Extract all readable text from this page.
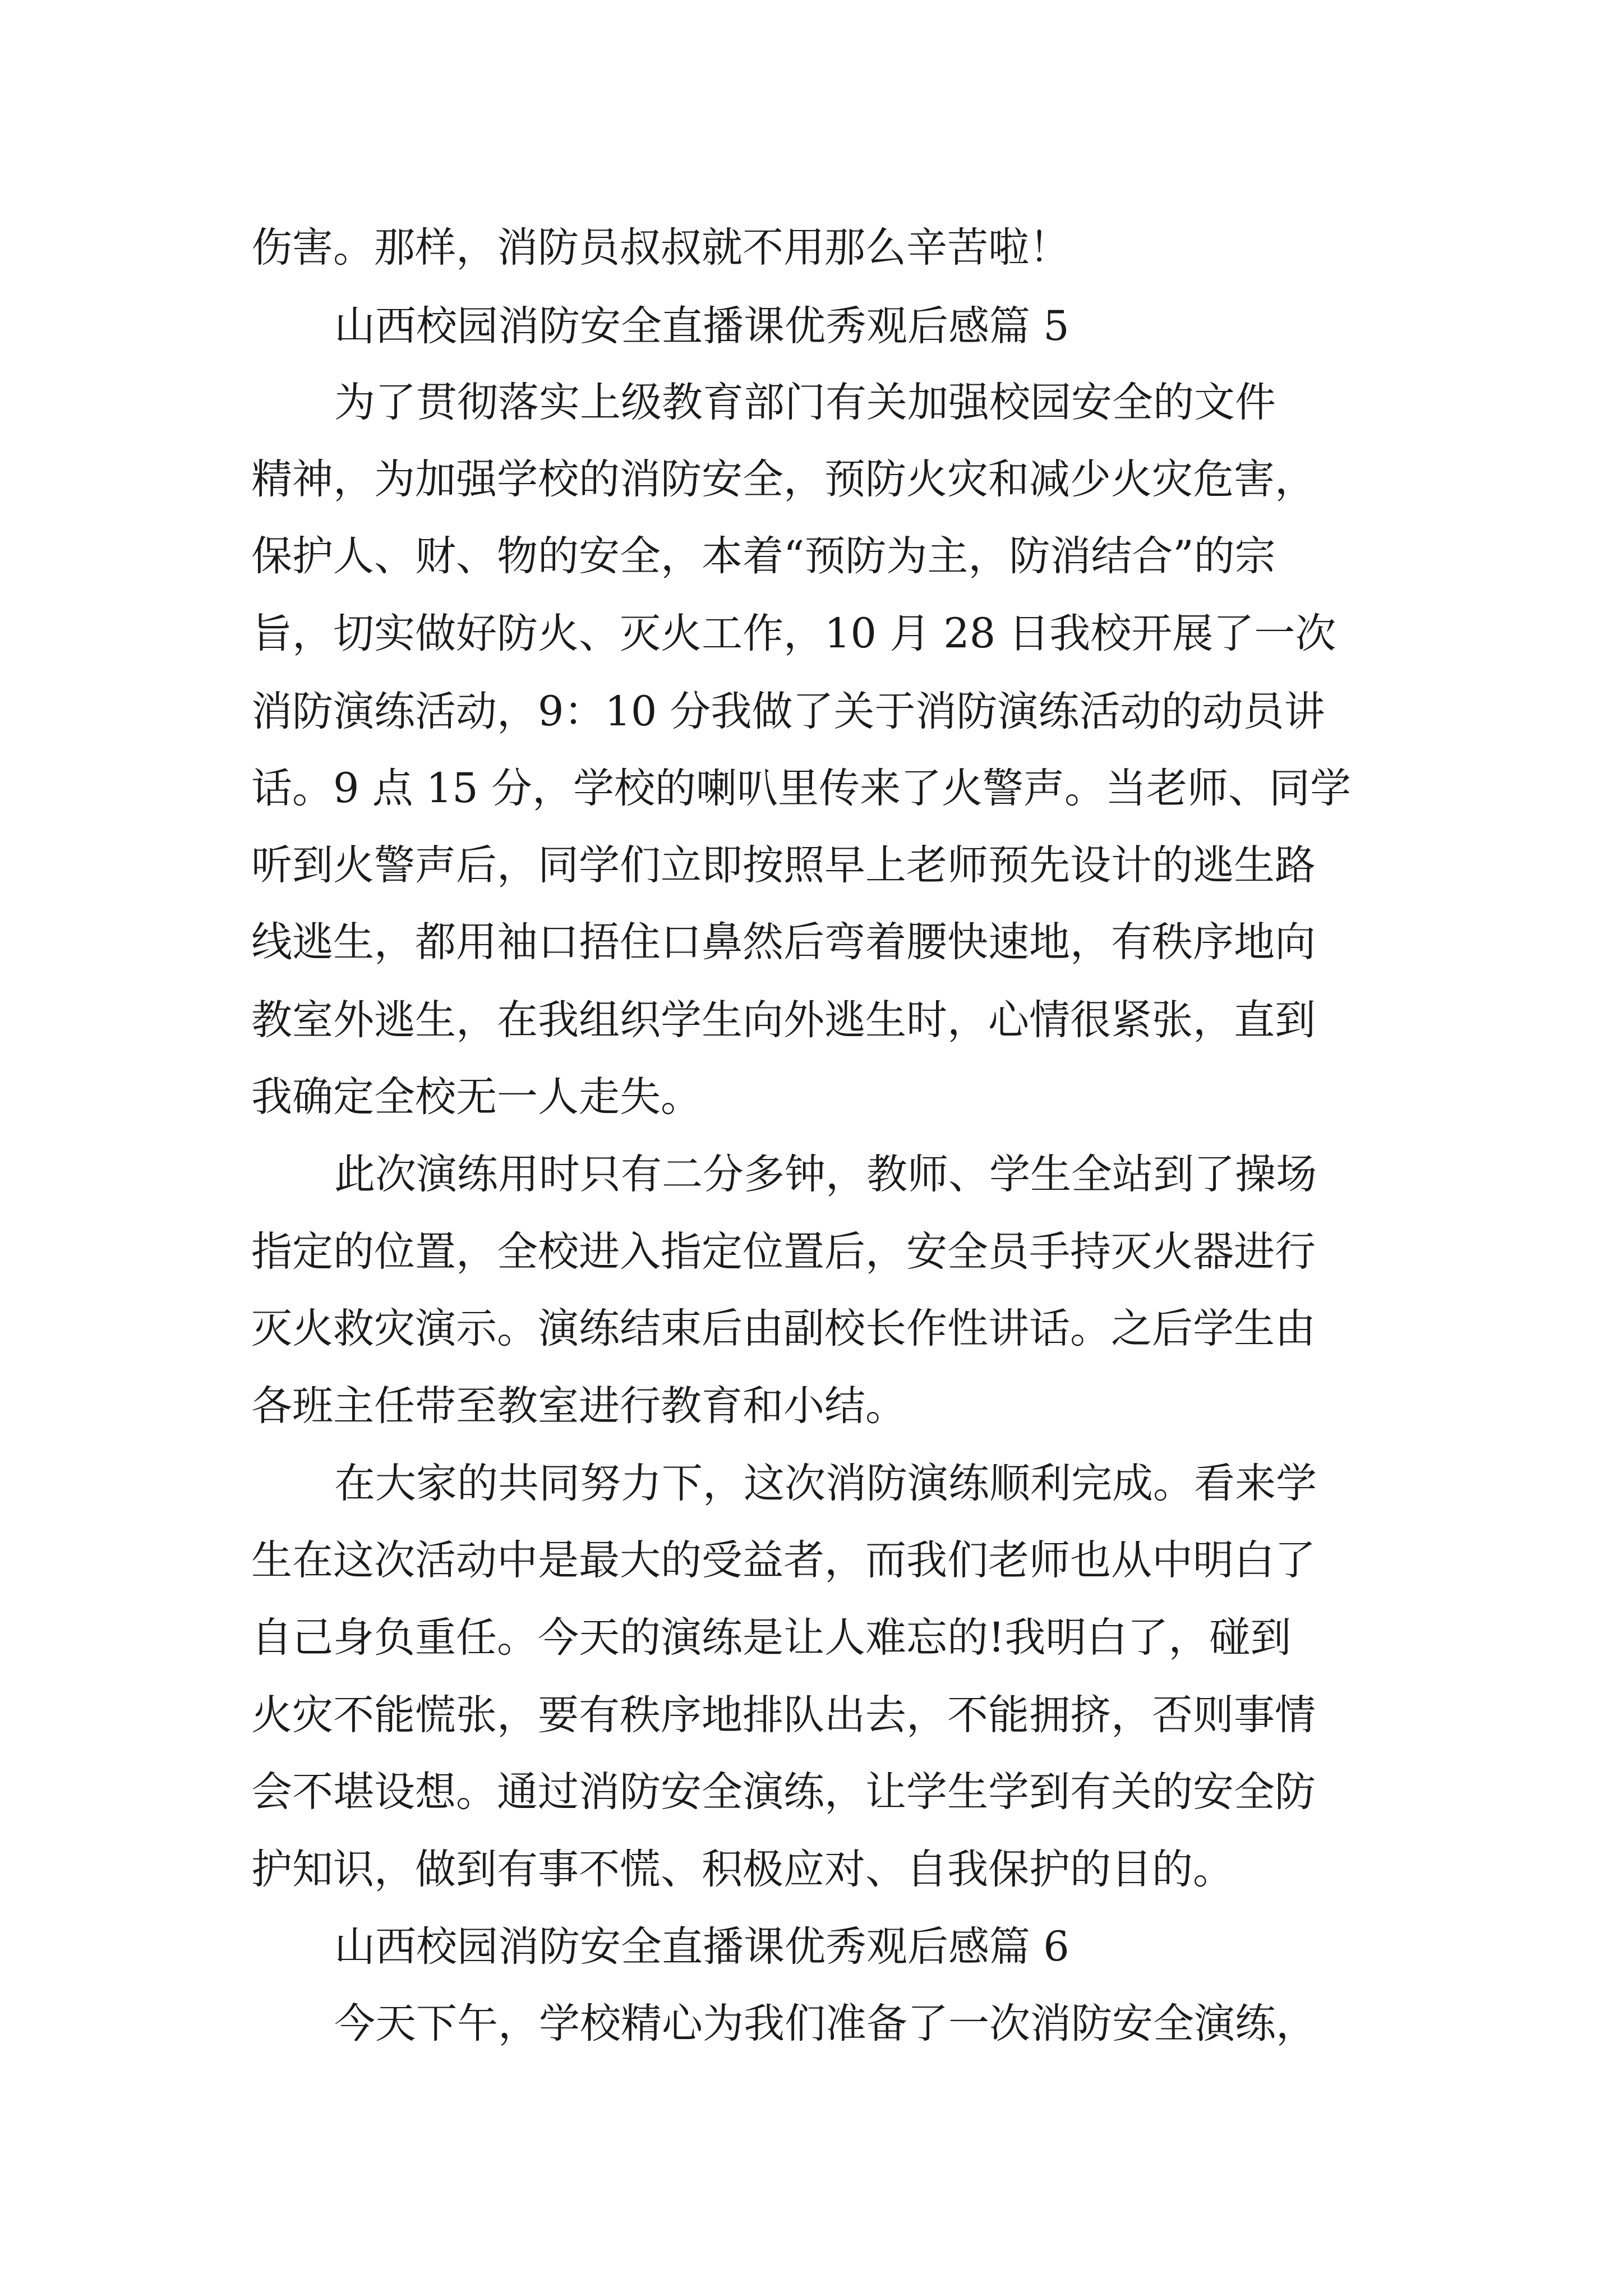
伤害。那样，消防员叔叔就不用那么辛苦啦！
山西校园消防安全直播课优秀观后感篇 5
为了贯彻落实上级教育部门有关加强校园安全的文件
精神，为加强学校的消防安全，预防火灾和减少火灾危害，
保护人、财、物的安全，本着“预防为主，防消结合”的宗
旨，切实做好防火、灭火工作，10 月 28 日我校开展了一次
消防演练活动，9：10 分我做了关于消防演练活动的动员讲
话。9 点 15 分，学校的喇叭里传来了火警声。当老师、同学
听到火警声后，同学们立即按照早上老师预先设计的逃生路
线逃生，都用袖口捂住口鼻然后弯着腰快速地，有秩序地向
教室外逃生，在我组织学生向外逃生时，心情很紧张，直到
我确定全校无一人走失。
此次演练用时只有二分多钟，教师、学生全站到了操场
指定的位置，全校进入指定位置后，安全员手持灭火器进行
灭火救灾演示。演练结束后由副校长作性讲话。之后学生由
各班主任带至教室进行教育和小结。
在大家的共同努力下，这次消防演练顺利完成。看来学
生在这次活动中是最大的受益者，而我们老师也从中明白了
自己身负重任。今天的演练是让人难忘的!我明白了，碰到
火灾不能慌张，要有秩序地排队出去，不能拥挤，否则事情
会不堪设想。通过消防安全演练，让学生学到有关的安全防
护知识，做到有事不慌、积极应对、自我保护的目的。
山西校园消防安全直播课优秀观后感篇 6
今天下午，学校精心为我们准备了一次消防安全演练，
